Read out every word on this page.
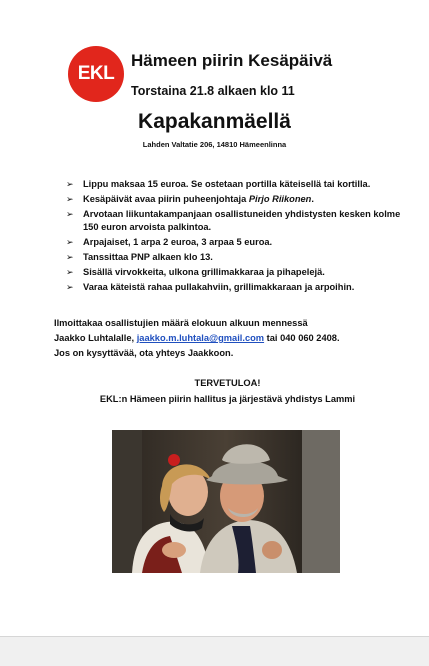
EKL
Hämeen piirin Kesäpäivä
Torstaina 21.8 alkaen klo 11
Kapakanmäellä
Lahden Valtatie 206, 14810 Hämeenlinna
➢ Lippu maksaa 15 euroa. Se ostetaan portilla käteisellä tai kortilla.
➢ Kesäpäivät avaa piirin puheenjohtaja Pirjo Riikonen.
➢ Arvotaan liikuntakampanjaan osallistuneiden yhdistysten kesken kolme 150 euron arvoista palkintoa.
➢ Arpajaiset, 1 arpa 2 euroa, 3 arpaa 5 euroa.
➢ Tanssittaa PNP alkaen klo 13.
➢ Sisällä virvokkeita, ulkona grillimakkaraa ja pihapelejä.
➢ Varaa käteistä rahaa pullakahviin, grillimakkaraan ja arpoihin.

Ilmoittakaa osallistujien määrä elokuun alkuun mennessä

Jaakko Luhtalalle, jaakko.m.luhtala@gmail.com tai 040 060 2408.

Jos on kysyttävää, ota yhteys Jaakkoon.

TERVETULOA!
EKL:n Hämeen piirin hallitus ja järjestävä yhdistys Lammi
